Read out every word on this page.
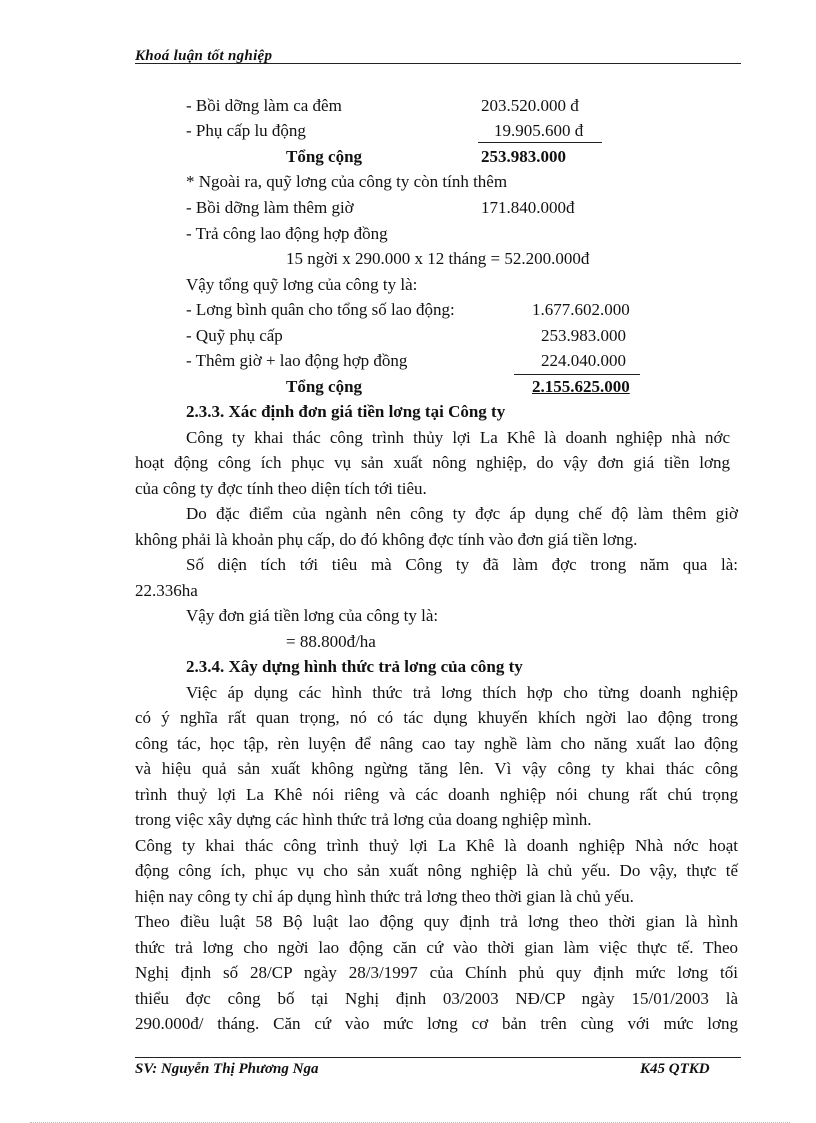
Khoá luận tốt nghiệp
- Bồi dỡng làm ca đêm	203.520.000 đ
- Phụ cấp lu động	19.905.600 đ
Tổng cộng	253.983.000
* Ngoài ra, quỹ lơng của công ty còn tính thêm
- Bồi dỡng làm thêm giờ	171.840.000đ
- Trả công lao động hợp đồng
15 ngời x 290.000 x 12 tháng = 52.200.000đ
Vậy tổng quỹ lơng của công ty là:
- Lơng bình quân cho tổng số lao động:	1.677.602.000
- Quỹ phụ cấp	253.983.000
- Thêm giờ + lao động hợp đồng	224.040.000
Tổng cộng	2.155.625.000
2.3.3. Xác định đơn giá tiền lơng tại Công ty
Công ty khai thác công trình thủy lợi La Khê là doanh nghiệp nhà nớc
hoạt động công ích phục vụ sản xuất nông nghiệp, do vậy đơn giá tiền lơng
của công ty đợc tính theo diện tích tới tiêu.
Do đặc điểm của ngành nên công ty đợc áp dụng chế độ làm thêm giờ
không phải là khoản phụ cấp, do đó không đợc tính vào đơn giá tiền lơng.
Số diện tích tới tiêu mà Công ty đã làm đợc trong năm qua là:
22.336ha
Vậy đơn giá tiền lơng của công ty là:
= 88.800đ/ha
2.3.4. Xây dựng hình thức trả lơng của công ty
Việc áp dụng các hình thức trả lơng thích hợp cho từng doanh nghiệp
có ý nghĩa rất quan trọng, nó có tác dụng khuyến khích ngời lao động trong
công tác, học tập, rèn luyện để nâng cao tay nghề làm cho năng xuất lao động
và hiệu quả sản xuất không ngừng tăng lên. Vì vậy công ty khai thác công
trình thuỷ lợi La Khê nói riêng và các doanh nghiệp nói chung rất chú trọng
trong việc xây dựng các hình thức trả lơng của doang nghiệp mình.
Công ty khai thác công trình thuỷ lợi La Khê là doanh nghiệp Nhà nớc hoạt
động công ích, phục vụ cho sản xuất nông nghiệp là chủ yếu. Do vậy, thực tế
hiện nay công ty chỉ áp dụng hình thức trả lơng theo thời gian là chủ yếu.
Theo điều luật 58 Bộ luật lao động quy định trả lơng theo thời gian là hình
thức trả lơng cho ngời lao động căn cứ vào thời gian làm việc thực tế. Theo
Nghị định số 28/CP ngày 28/3/1997 của Chính phủ quy định mức lơng tối
thiểu đợc công bố tại Nghị định 03/2003 NĐ/CP ngày 15/01/2003 là
290.000đ/ tháng. Căn cứ vào mức lơng cơ bản trên cùng với mức lơng
SV: Nguyễn Thị Phương Nga	K45 QTKD
